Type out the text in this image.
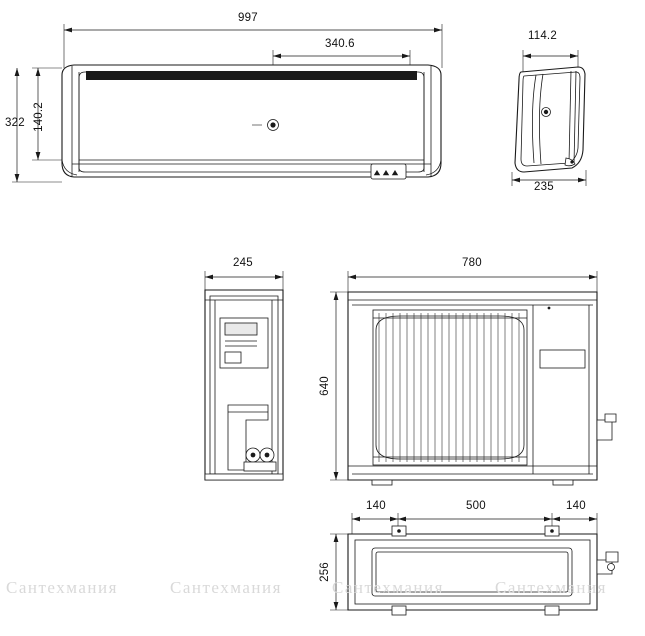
997
340.6
140.2
322
114.2
235
245	780
640
140	500	140
256
Сантехмания	Сантехмания	Сантехмания	Сантехмания
